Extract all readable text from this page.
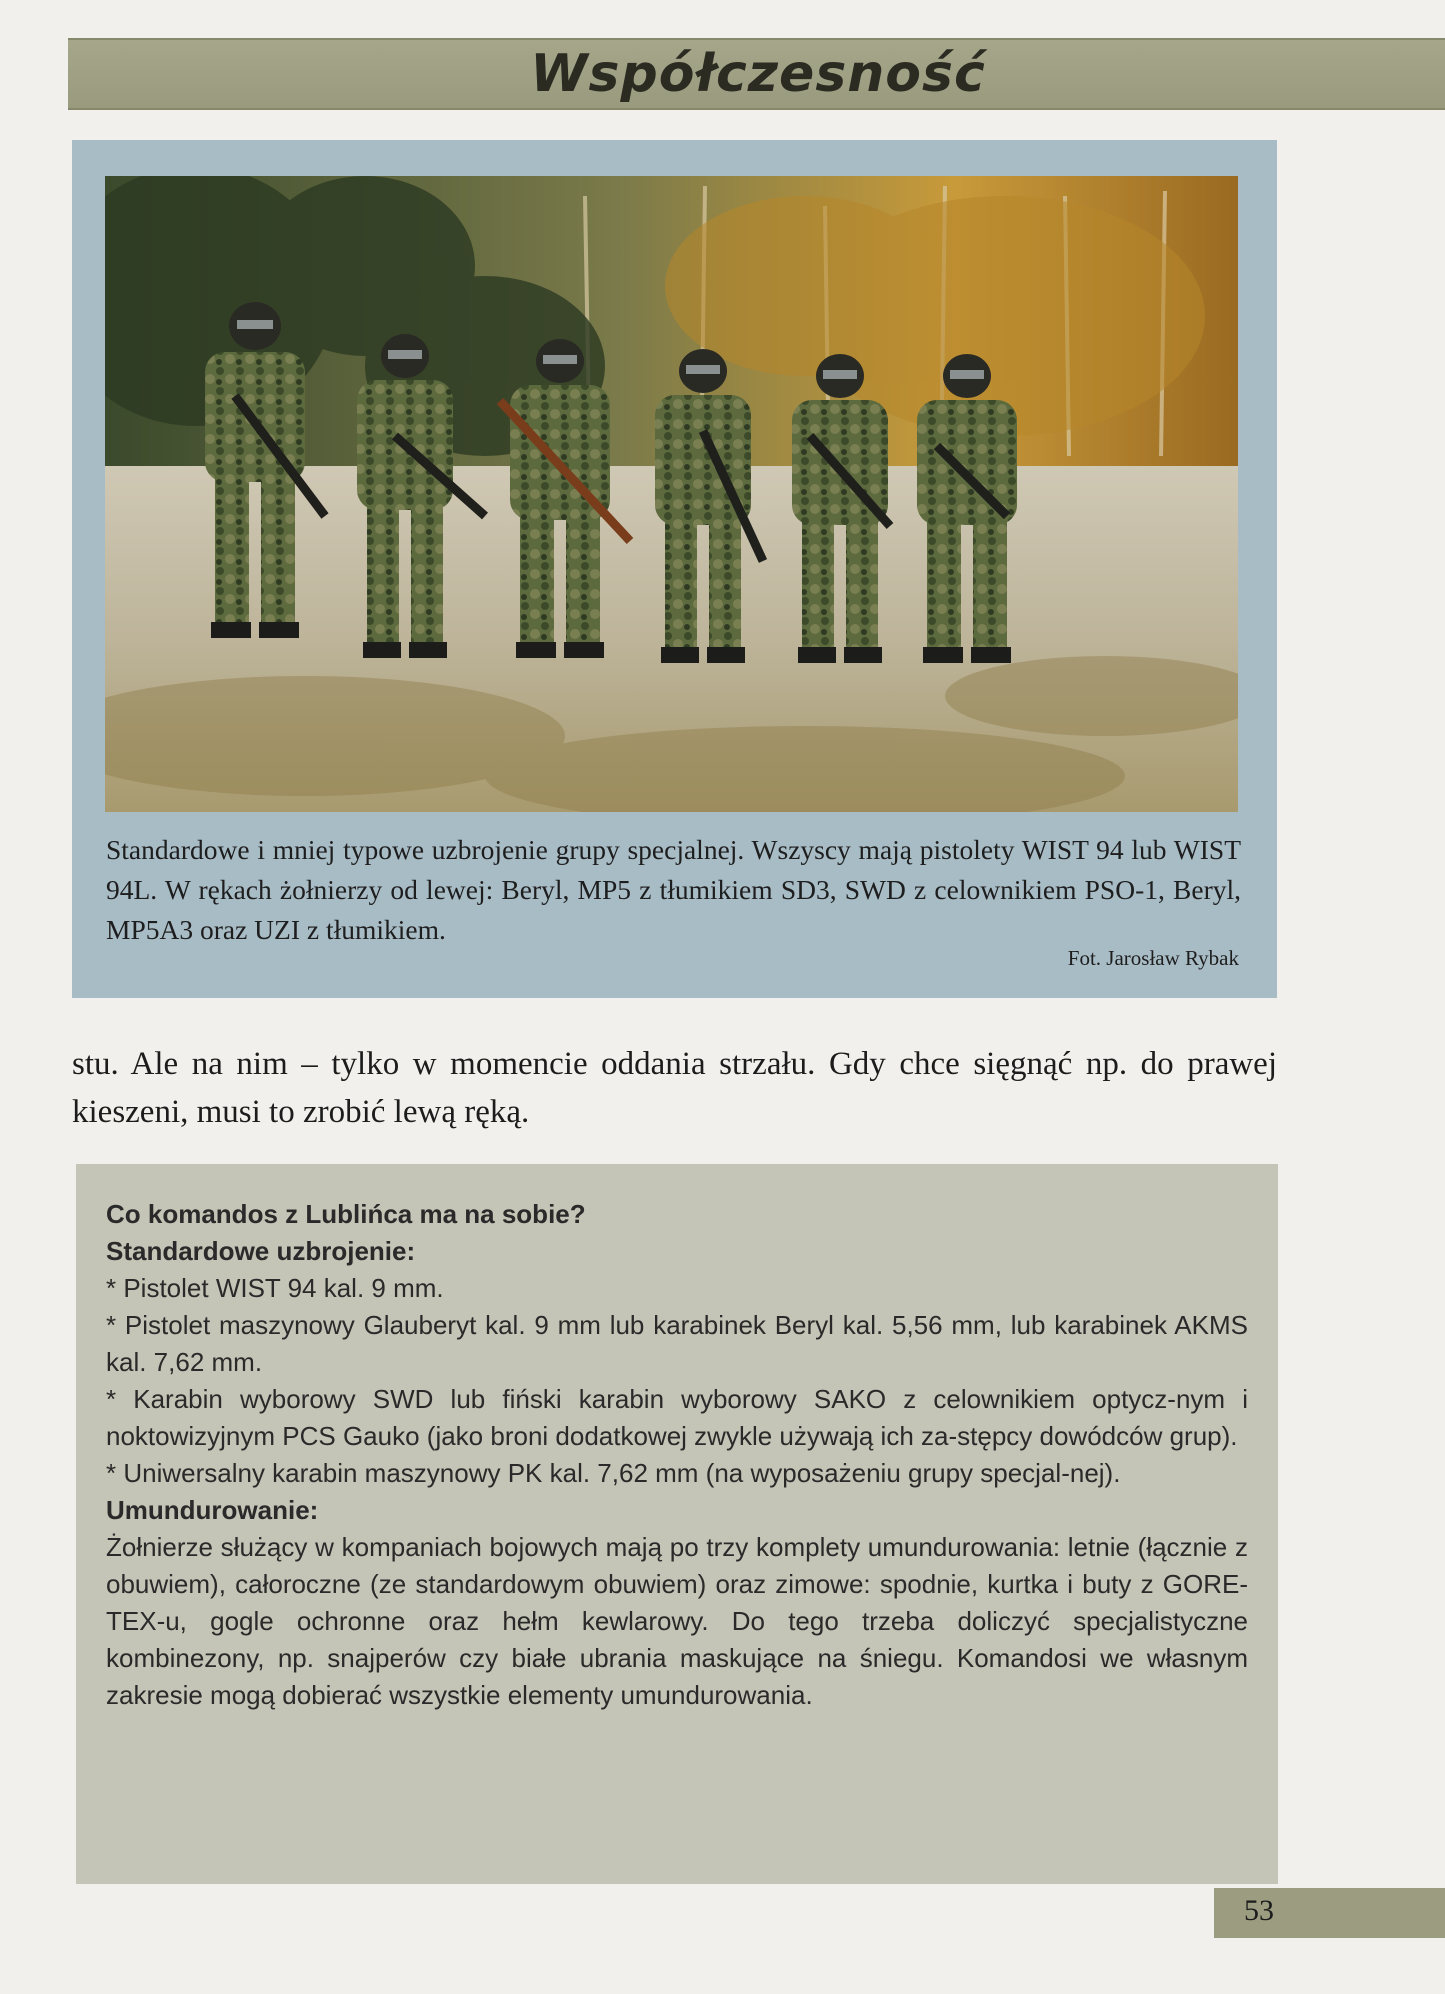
Współczesność
Standardowe i mniej typowe uzbrojenie grupy specjalnej. Wszyscy mają pistolety WIST 94 lub WIST 94L. W rękach żołnierzy od lewej: Beryl, MP5 z tłumikiem SD3, SWD z celownikiem PSO-1, Beryl, MP5A3 oraz UZI z tłumikiem.
Fot. Jarosław Rybak
stu. Ale na nim – tylko w momencie oddania strzału. Gdy chce sięgnąć np. do prawej kieszeni, musi to zrobić lewą ręką.

Co komandos z Lublińca ma na sobie?

Standardowe uzbrojenie:

* Pistolet WIST 94 kal. 9 mm.

* Pistolet maszynowy Glauberyt kal. 9 mm lub karabinek Beryl kal. 5,56 mm, lub karabinek AKMS kal. 7,62 mm.

* Karabin wyborowy SWD lub fiński karabin wyborowy SAKO z celownikiem optycz-nym i noktowizyjnym PCS Gauko (jako broni dodatkowej zwykle używają ich za-stępcy dowódców grup).

* Uniwersalny karabin maszynowy PK kal. 7,62 mm (na wyposażeniu grupy specjal-nej).

Umundurowanie:

Żołnierze służący w kompaniach bojowych mają po trzy komplety umundurowania: letnie (łącznie z obuwiem), całoroczne (ze standardowym obuwiem) oraz zimowe: spodnie, kurtka i buty z GORE-TEX-u, gogle ochronne oraz hełm kewlarowy. Do tego trzeba doliczyć specjalistyczne kombinezony, np. snajperów czy białe ubrania maskujące na śniegu. Komandosi we własnym zakresie mogą dobierać wszystkie elementy umundurowania.

53
